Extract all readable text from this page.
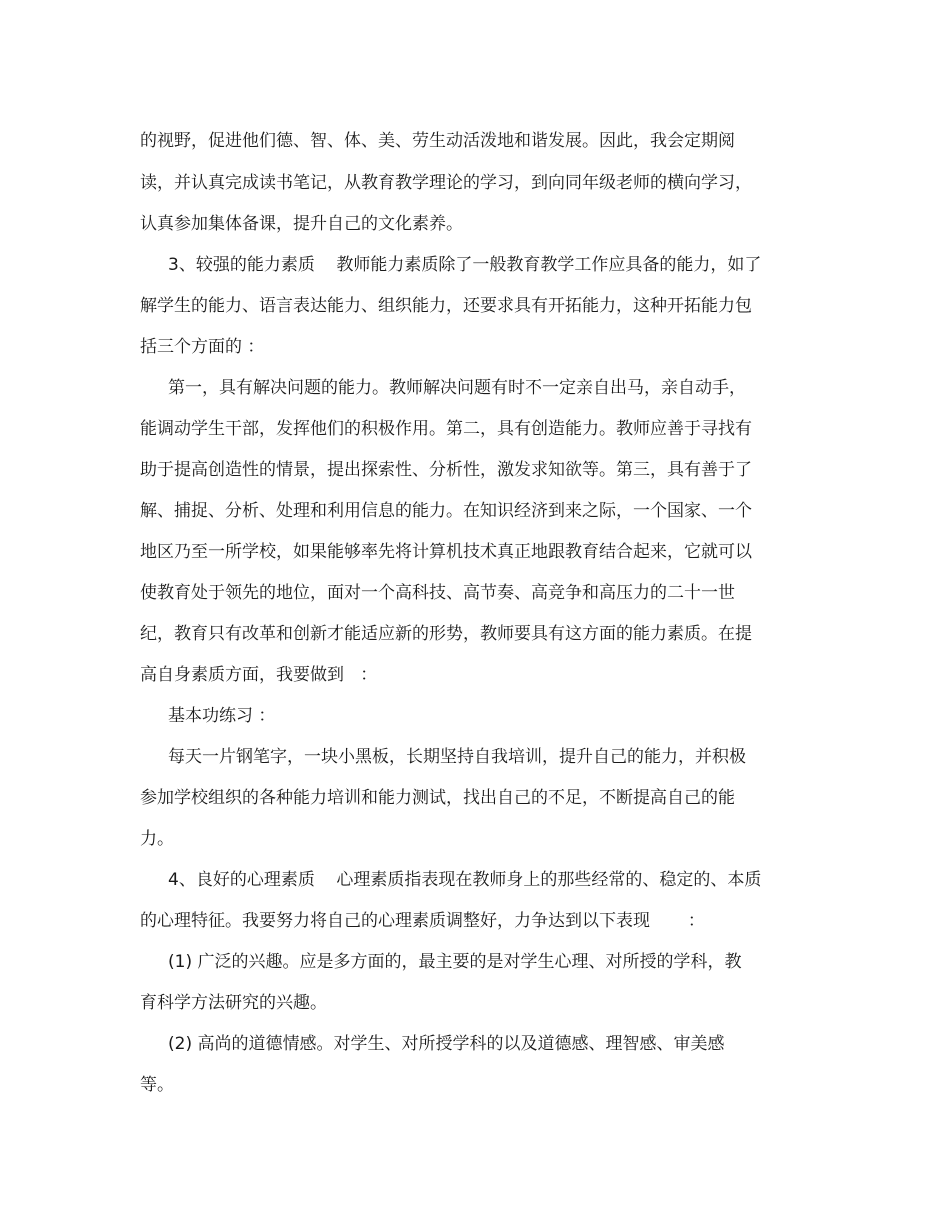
的视野，促进他们德、智、体、美、劳生动活泼地和谐发展。因此，我会定期阅

读，并认真完成读书笔记，从教育教学理论的学习，到向同年级老师的横向学习，

认真参加集体备课，提升自己的文化素养。

3、较强的能力素质    教师能力素质除了一般教育教学工作应具备的能力，如了

解学生的能力、语言表达能力、组织能力，还要求具有开拓能力，这种开拓能力包

括三个方面的 ：

第一，具有解决问题的能力。教师解决问题有时不一定亲自出马，亲自动手，

能调动学生干部，发挥他们的积极作用。第二，具有创造能力。教师应善于寻找有

助于提高创造性的情景，提出探索性、分析性，激发求知欲等。第三，具有善于了

解、捕捉、分析、处理和利用信息的能力。在知识经济到来之际，一个国家、一个

地区乃至一所学校，如果能够率先将计算机技术真正地跟教育结合起来，它就可以

使教育处于领先的地位，面对一个高科技、高节奏、高竞争和高压力的二十一世

纪，教育只有改革和创新才能适应新的形势，教师要具有这方面的能力素质。在提

高自身素质方面，我要做到   ：

基本功练习 ：

每天一片钢笔字，一块小黑板，长期坚持自我培训，提升自己的能力，并积极

参加学校组织的各种能力培训和能力测试，找出自己的不足，不断提高自己的能

力。

4、良好的心理素质    心理素质指表现在教师身上的那些经常的、稳定的、本质

的心理特征。我要努力将自己的心理素质调整好，力争达到以下表现       ：

(1) 广泛的兴趣。应是多方面的，最主要的是对学生心理、对所授的学科，教

育科学方法研究的兴趣。

(2) 高尚的道德情感。对学生、对所授学科的以及道德感、理智感、审美感

等。
